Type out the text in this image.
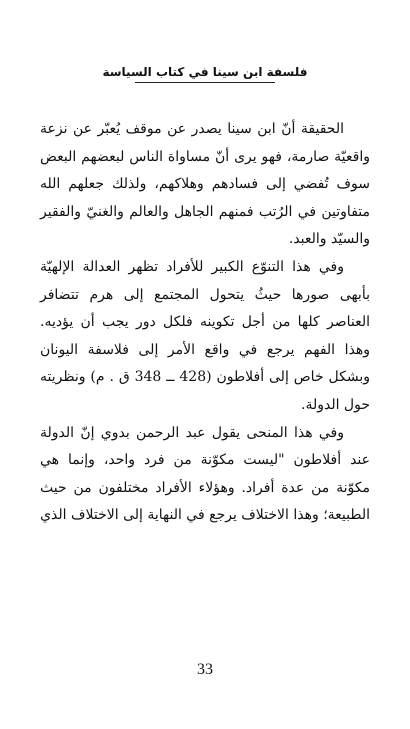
فلسفة ابن سينا في كتاب السياسة

الحقيقة أنّ ابن سينا يصدر عن موقف يُعبّر عن نزعة واقعيّة صارمة، فهو يرى أنّ مساواة الناس لبعضهم البعض سوف تُفضي إلى فسادهم وهلاكهم، ولذلك جعلهم الله متفاوتين في الرُتب فمنهم الجاهل والعالم والغنيّ والفقير والسيّد والعبد.

وفي هذا التنوّع الكبير للأفراد تظهر العدالة الإلهيّة بأبهى صورها حيثُ يتحول المجتمع إلى هرم تتضافر العناصر كلها من أجل تكوينه فلكل دور يجب أن يؤديه. وهذا الفهم يرجع في واقع الأمر إلى فلاسفة اليونان وبشكل خاص إلى أفلاطون (428 ــ 348 ق . م) ونظريته حول الدولة.

وفي هذا المنحى يقول عبد الرحمن بدوي إنّ الدولة عند أفلاطون "ليست مكوّنة من فرد واحد، وإنما هي مكوّنة من عدة أفراد. وهؤلاء الأفراد مختلفون من حيث الطبيعة؛ وهذا الاختلاف يرجع في النهاية إلى الاختلاف الذي

33
